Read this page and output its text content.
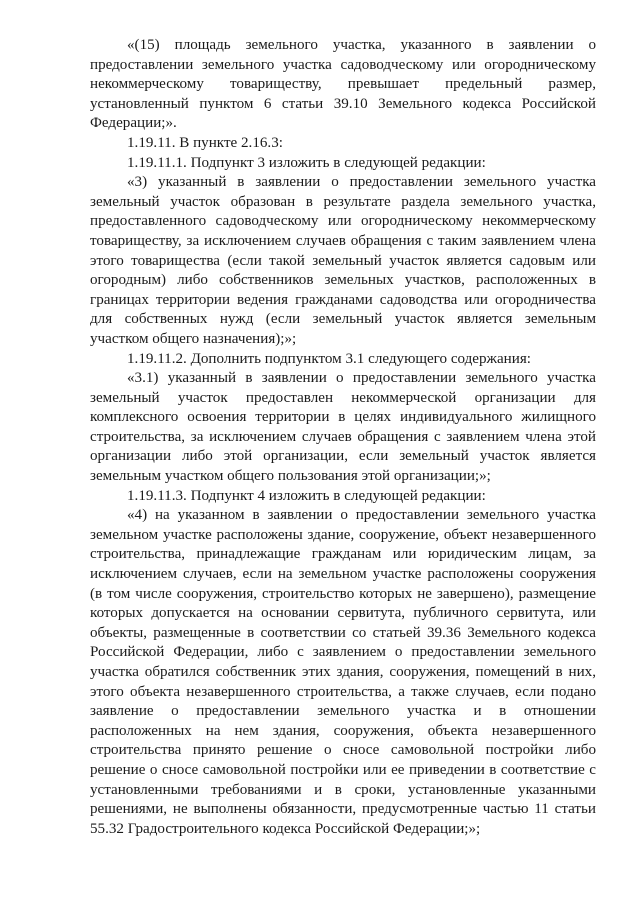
«(15) площадь земельного участка, указанного в заявлении о предоставлении земельного участка садоводческому или огородническому некоммерческому товариществу, превышает предельный размер, установленный пунктом 6 статьи 39.10 Земельного кодекса Российской Федерации;».

1.19.11. В пункте 2.16.3:

1.19.11.1. Подпункт 3 изложить в следующей редакции:

«3) указанный в заявлении о предоставлении земельного участка земельный участок образован в результате раздела земельного участка, предоставленного садоводческому или огородническому некоммерческому товариществу, за исключением случаев обращения с таким заявлением члена этого товарищества (если такой земельный участок является садовым или огородным) либо собственников земельных участков, расположенных в границах территории ведения гражданами садоводства или огородничества для собственных нужд (если земельный участок является земельным участком общего назначения);»;

1.19.11.2. Дополнить подпунктом 3.1 следующего содержания:

«3.1) указанный в заявлении о предоставлении земельного участка земельный участок предоставлен некоммерческой организации для комплексного освоения территории в целях индивидуального жилищного строительства, за исключением случаев обращения с заявлением члена этой организации либо этой организации, если земельный участок является земельным участком общего пользования этой организации;»;

1.19.11.3. Подпункт 4 изложить в следующей редакции:

«4) на указанном в заявлении о предоставлении земельного участка земельном участке расположены здание, сооружение, объект незавершенного строительства, принадлежащие гражданам или юридическим лицам, за исключением случаев, если на земельном участке расположены сооружения (в том числе сооружения, строительство которых не завершено), размещение которых допускается на основании сервитута, публичного сервитута, или объекты, размещенные в соответствии со статьей 39.36 Земельного кодекса Российской Федерации, либо с заявлением о предоставлении земельного участка обратился собственник этих здания, сооружения, помещений в них, этого объекта незавершенного строительства, а также случаев, если подано заявление о предоставлении земельного участка и в отношении расположенных на нем здания, сооружения, объекта незавершенного строительства принято решение о сносе самовольной постройки либо решение о сносе самовольной постройки или ее приведении в соответствие с установленными требованиями и в сроки, установленные указанными решениями, не выполнены обязанности, предусмотренные частью 11 статьи 55.32 Градостроительного кодекса Российской Федерации;»;
